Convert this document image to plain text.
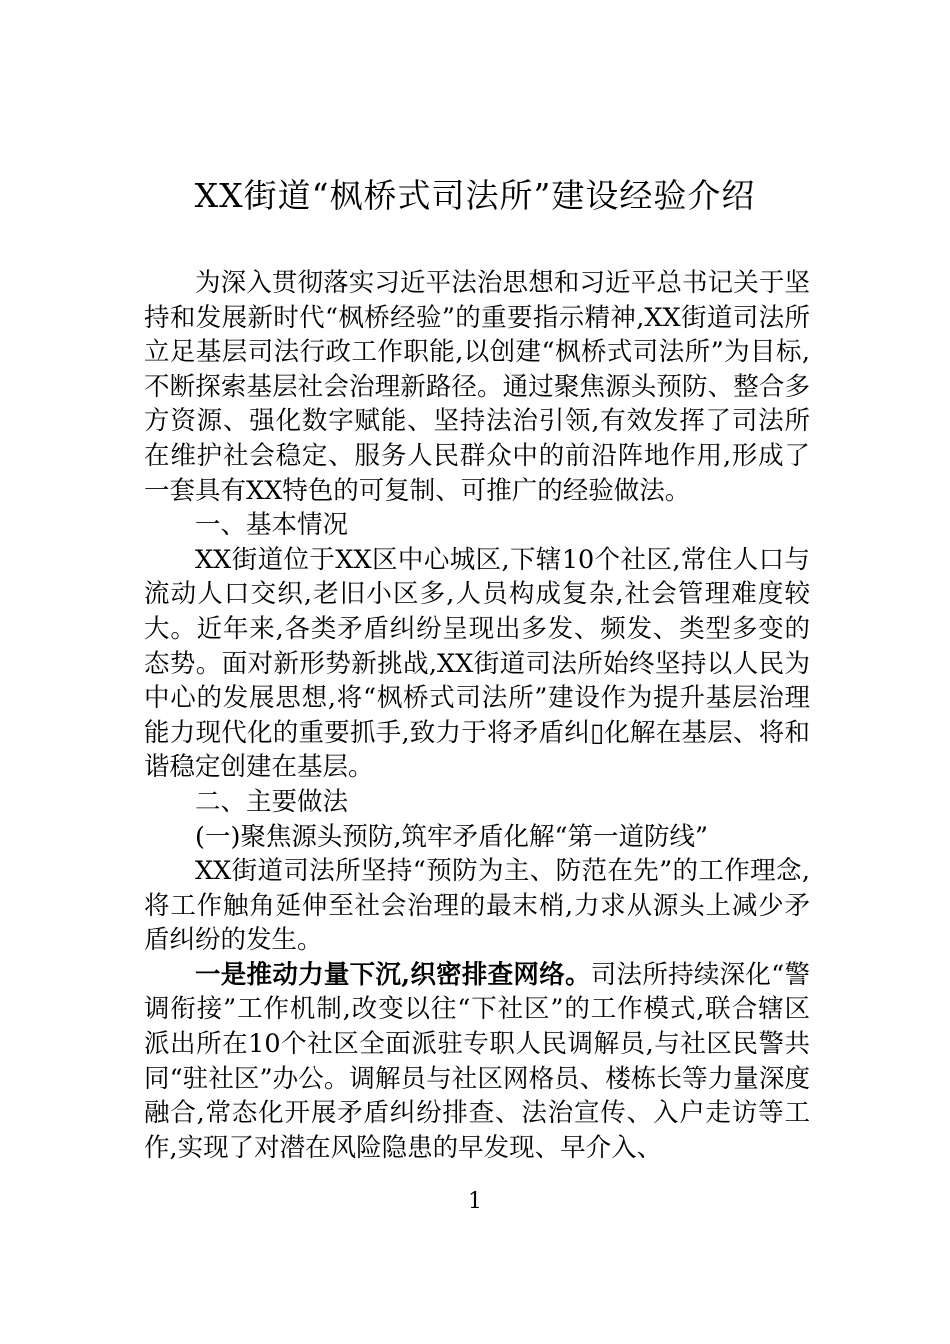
XX街道“枫桥式司法所”建设经验介绍

为深入贯彻落实习近平法治思想和习近平总书记关于坚持和发展新时代“枫桥经验”的重要指示精神,XX街道司法所立足基层司法行政工作职能,以创建“枫桥式司法所”为目标,不断探索基层社会治理新路径。通过聚焦源头预防、整合多方资源、强化数字赋能、坚持法治引领,有效发挥了司法所在维护社会稳定、服务人民群众中的前沿阵地作用,形成了一套具有XX特色的可复制、可推广的经验做法。

一、基本情况

XX街道位于XX区中心城区,下辖10个社区,常住人口与流动人口交织,老旧小区多,人员构成复杂,社会管理难度较大。近年来,各类矛盾纠纷呈现出多发、频发、类型多变的态势。面对新形势新挑战,XX街道司法所始终坚持以人民为中心的发展思想,将“枫桥式司法所”建设作为提升基层治理能力现代化的重要抓手,致力于将矛盾纠▯化解在基层、将和谐稳定创建在基层。

二、主要做法

(一)聚焦源头预防,筑牢矛盾化解“第一道防线”

XX街道司法所坚持“预防为主、防范在先”的工作理念,将工作触角延伸至社会治理的最末梢,力求从源头上减少矛盾纠纷的发生。

一是推动力量下沉,织密排查网络。司法所持续深化“警调衔接”工作机制,改变以往“下社区”的工作模式,联合辖区派出所在10个社区全面派驻专职人民调解员,与社区民警共同“驻社区”办公。调解员与社区网格员、楼栋长等力量深度融合,常态化开展矛盾纠纷排查、法治宣传、入户走访等工作,实现了对潜在风险隐患的早发现、早介入、

1
